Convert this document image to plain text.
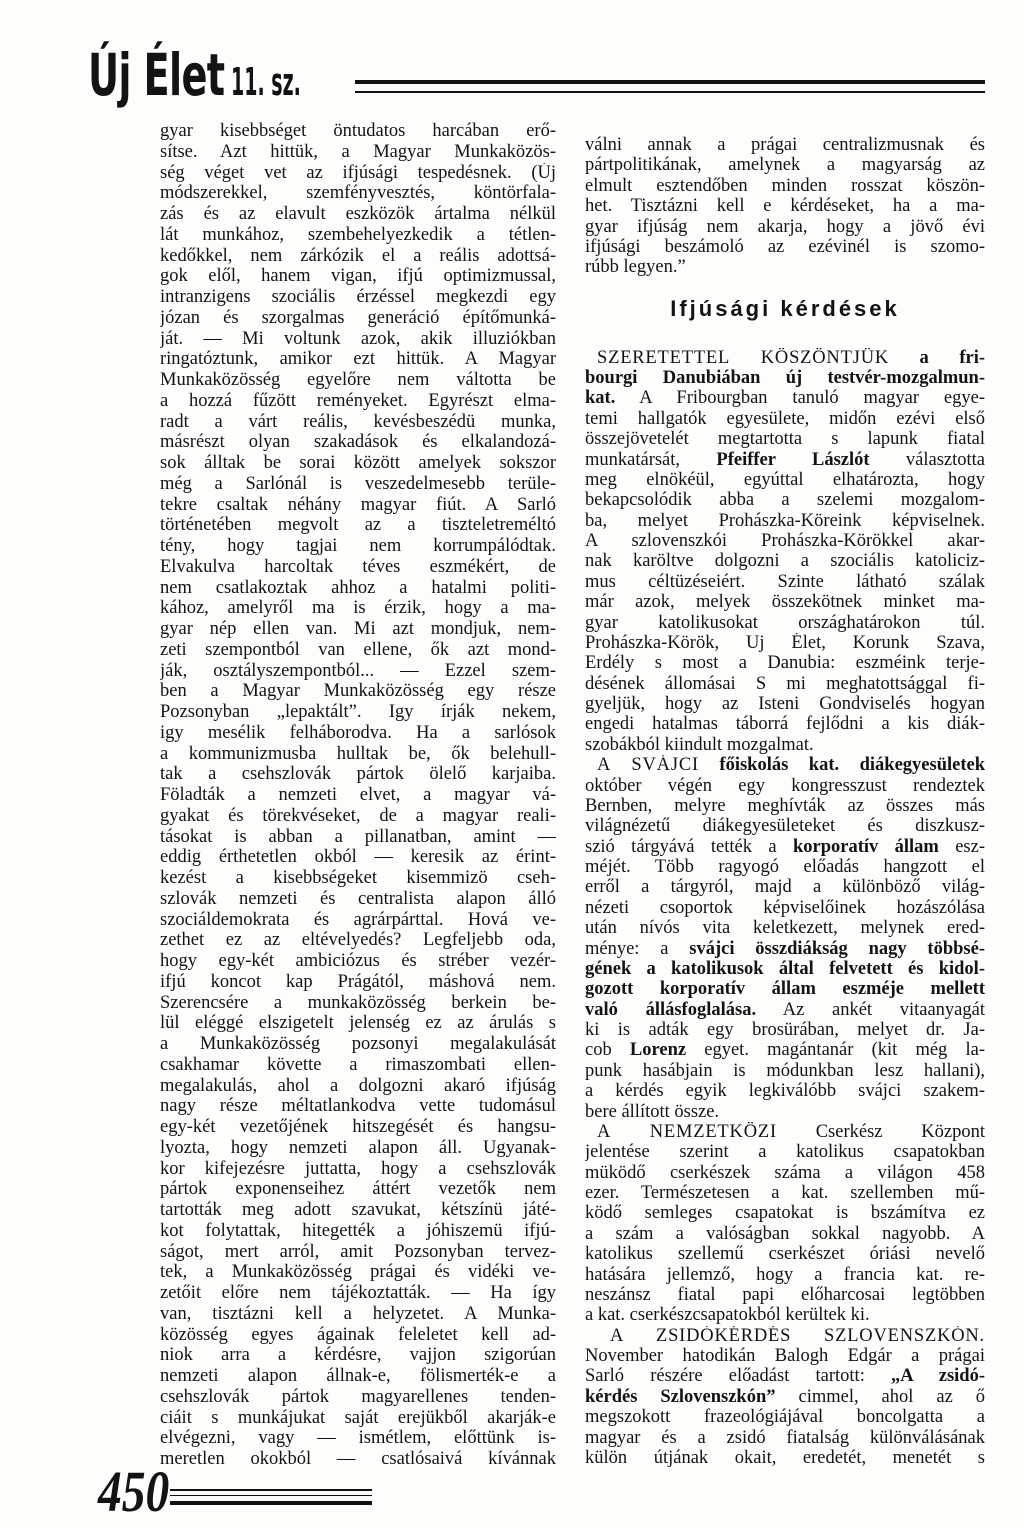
Új Élet 11. sz.
gyar kisebbséget öntudatos harcában erő-
sítse. Azt hittük, a Magyar Munkaközös-
ség véget vet az ifjúsági tespedésnek. (Új
módszerekkel, szemfényvesztés, köntörfala-
zás és az elavult eszközök ártalma nélkül
lát munkához, szembehelyezkedik a tétlen-
kedőkkel, nem zárkózik el a reális adottsá-
gok elől, hanem vigan, ifjú optimizmussal,
intranzigens szociális érzéssel megkezdi egy
józan és szorgalmas generáció építőmunká-
ját. — Mi voltunk azok, akik illuziókban
ringatóztunk, amikor ezt hittük. A Magyar
Munkaközösség egyelőre nem váltotta be
a hozzá fűzött reményeket. Egyrészt elma-
radt a várt reális, kevésbeszédü munka,
másrészt olyan szakadások és elkalandozá-
sok álltak be sorai között amelyek sokszor
még a Sarlónál is veszedelmesebb terüle-
tekre csaltak néhány magyar fiút. A Sarló
történetében megvolt az a tiszteletreméltó
tény, hogy tagjai nem korrumpálódtak.
Elvakulva harcoltak téves eszmékért, de
nem csatlakoztak ahhoz a hatalmi politi-
kához, amelyről ma is érzik, hogy a ma-
gyar nép ellen van. Mi azt mondjuk, nem-
zeti szempontból van ellene, ők azt mond-
ják, osztályszempontból... — Ezzel szem-
ben a Magyar Munkaközösség egy része
Pozsonyban „lepaktált”. Igy írják nekem,
igy mesélik felháborodva. Ha a sarlósok
a kommunizmusba hulltak be, ők belehull-
tak a csehszlovák pártok ölelő karjaiba.
Föladták a nemzeti elvet, a magyar vá-
gyakat és törekvéseket, de a magyar reali-
tásokat is abban a pillanatban, amint —
eddig érthetetlen okból — keresik az érint-
kezést a kisebbségeket kisemmizö cseh-
szlovák nemzeti és centralista alapon álló
szociáldemokrata és agrárpárttal. Hová ve-
zethet ez az eltévelyedés? Legfeljebb oda,
hogy egy-két ambiciózus és stréber vezér-
ifjú koncot kap Prágától, máshová nem.
Szerencsére a munkaközösség berkein be-
lül eléggé elszigetelt jelenség ez az árulás s
a Munkaközösség pozsonyi megalakulását
csakhamar követte a rimaszombati ellen-
megalakulás, ahol a dolgozni akaró ifjúság
nagy része méltatlankodva vette tudomásul
egy-két vezetőjének hitszegését és hangsu-
lyozta, hogy nemzeti alapon áll. Ugyanak-
kor kifejezésre juttatta, hogy a csehszlovák
pártok exponenseihez áttért vezetők nem
tartották meg adott szavukat, kétszínü játé-
kot folytattak, hitegették a jóhiszemü ifjú-
ságot, mert arról, amit Pozsonyban tervez-
tek, a Munkaközösség prágai és vidéki ve-
zetőit előre nem tájékoztatták. — Ha így
van, tisztázni kell a helyzetet. A Munka-
közösség egyes ágainak feleletet kell ad-
niok arra a kérdésre, vajjon szigorúan
nemzeti alapon állnak-e, fölismerték-e a
csehszlovák pártok magyarellenes tenden-
ciáit s munkájukat saját erejükből akarják-e
elvégezni, vagy — ismétlem, előttünk is-
meretlen okokból — csatlósaivá kívánnak
válni annak a prágai centralizmusnak és
pártpolitikának, amelynek a magyarság az
elmult esztendőben minden rosszat köszön-
het. Tisztázni kell e kérdéseket, ha a ma-
gyar ifjúság nem akarja, hogy a jövő évi
ifjúsági beszámoló az ezévinél is szomo-
rúbb legyen.”
Ifjúsági kérdések
SZERETETTEL KÖSZÖNTJÜK a fri-
bourgi Danubiában új testvér-mozgalmun-
kat. A Fribourgban tanuló magyar egye-
temi hallgatók egyesülete, midőn ezévi első
összejövetelét megtartotta s lapunk fiatal
munkatársát, Pfeiffer Lászlót választotta
meg elnökéül, egyúttal elhatározta, hogy
bekapcsolódik abba a szelemi mozgalom-
ba, melyet Prohászka-Köreink képviselnek.
A szlovenszkói Prohászka-Körökkel akar-
nak karöltve dolgozni a szociális katoliciz-
mus céltüzéseiért. Szinte látható szálak
már azok, melyek összekötnek minket ma-
gyar katolikusokat országhatárokon túl.
Prohászka-Körök, Uj Élet, Korunk Szava,
Erdély s most a Danubia: eszméink terje-
désének állomásai S mi meghatottsággal fi-
gyeljük, hogy az Isteni Gondviselés hogyan
engedi hatalmas táborrá fejlődni a kis diák-
szobákból kiindult mozgalmat.
A SVÁJCI főiskolás kat. diákegyesületek
október végén egy kongresszust rendeztek
Bernben, melyre meghívták az összes más
világnézetű diákegyesületeket és diszkusz-
szió tárgyává tették a korporatív állam esz-
méjét. Több ragyogó előadás hangzott el
erről a tárgyról, majd a különböző világ-
nézeti csoportok képviselőinek hozászólása
után nívós vita keletkezett, melynek ered-
ménye: a svájci összdiákság nagy többsé-
gének a katolikusok által felvetett és kidol-
gozott korporatív állam eszméje mellett
való állásfoglalása. Az ankét vitaanyagát
ki is adták egy brosürában, melyet dr. Ja-
cob Lorenz egyet. magántanár (kit még la-
punk hasábjain is módunkban lesz hallani),
a kérdés egyik legkiválóbb svájci szakem-
bere állított össze.
A NEMZETKÖZI Cserkész Központ
jelentése szerint a katolikus csapatokban
müködő cserkészek száma a világon 458
ezer. Természetesen a kat. szellemben mű-
ködő semleges csapatokat is bszámítva ez
a szám a valóságban sokkal nagyobb. A
katolikus szellemű cserkészet óriási nevelő
hatására jellemző, hogy a francia kat. re-
neszánsz fiatal papi előharcosai legtöbben
a kat. cserkészcsapatokból kerültek ki.
A ZSIDÓKÉRDÉS SZLOVENSZKÓN.
November hatodikán Balogh Edgár a prágai
Sarló részére előadást tartott: „A zsidó-
kérdés Szlovenszkón” cimmel, ahol az ő
megszokott frazeológiájával boncolgatta a
magyar és a zsidó fiatalság különválásának
külön útjának okait, eredetét, menetét s
450
